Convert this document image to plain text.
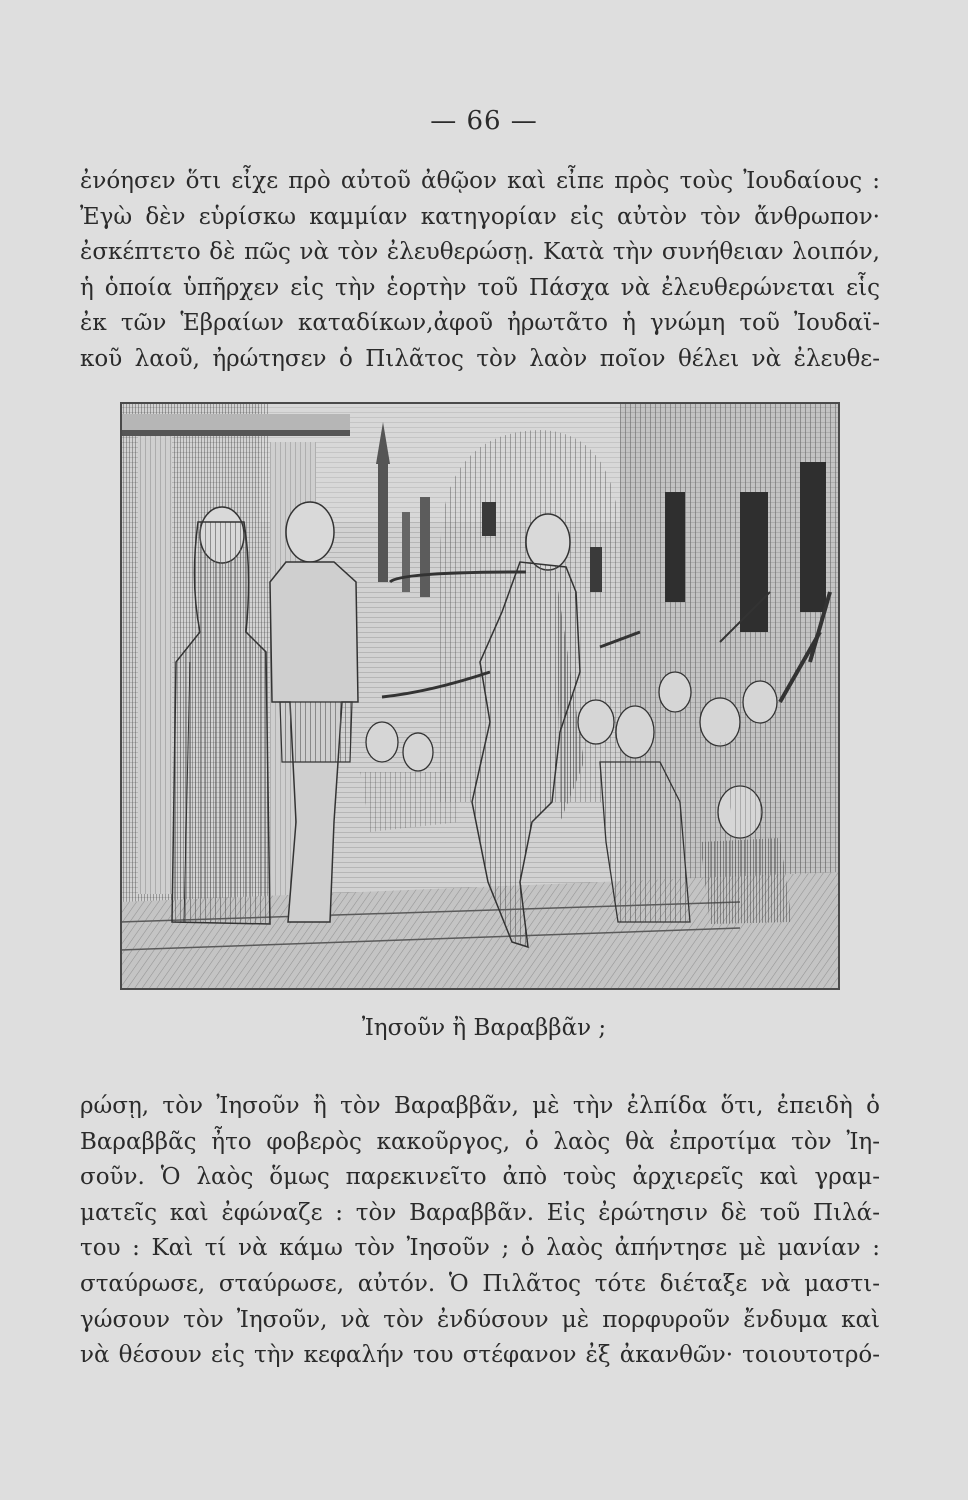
— 66 —
ἐνόησεν ὅτι εἶχε πρὸ αὐτοῦ ἀθῷον καὶ εἶπε πρὸς τοὺς Ἰουδαίους :
Ἐγὼ δὲν εὑρίσκω καμμίαν κατηγορίαν εἰς αὐτὸν τὸν ἄνθρωπον·
ἐσκέπτετο δὲ πῶς νὰ τὸν ἐλευθερώσῃ. Κατὰ τὴν συνήθειαν λοιπόν,
ἡ ὁποία ὑπῆρχεν εἰς τὴν ἑορτὴν τοῦ Πάσχα νὰ ἐλευθερώνεται εἷς
ἐκ τῶν Ἑβραίων καταδίκων,ἀφοῦ ἠρωτᾶτο ἡ γνώμη τοῦ Ἰουδαϊ-
κοῦ λαοῦ, ἠρώτησεν ὁ Πιλᾶτος τὸν λαὸν ποῖον θέλει νὰ ἐλευθε-
Ἰησοῦν ἢ Βαραββᾶν ;
ρώσῃ, τὸν Ἰησοῦν ἢ τὸν Βαραββᾶν, μὲ τὴν ἐλπίδα ὅτι, ἐπειδὴ ὁ
Βαραββᾶς ἦτο φοβερὸς κακοῦργος, ὁ λαὸς θὰ ἐπροτίμα τὸν Ἰη-
σοῦν. Ὁ λαὸς ὅμως παρεκινεῖτο ἀπὸ τοὺς ἀρχιερεῖς καὶ γραμ-
ματεῖς καὶ ἐφώναζε : τὸν Βαραββᾶν. Εἰς ἐρώτησιν δὲ τοῦ Πιλά-
του : Καὶ τί νὰ κάμω τὸν Ἰησοῦν ; ὁ λαὸς ἀπήντησε μὲ μανίαν :
σταύρωσε, σταύρωσε, αὐτόν. Ὁ Πιλᾶτος τότε διέταξε νὰ μαστι-
γώσουν τὸν Ἰησοῦν, νὰ τὸν ἐνδύσουν μὲ πορφυροῦν ἔνδυμα καὶ
νὰ θέσουν εἰς τὴν κεφαλήν του στέφανον ἐξ ἀκανθῶν· τοιουτοτρό-
